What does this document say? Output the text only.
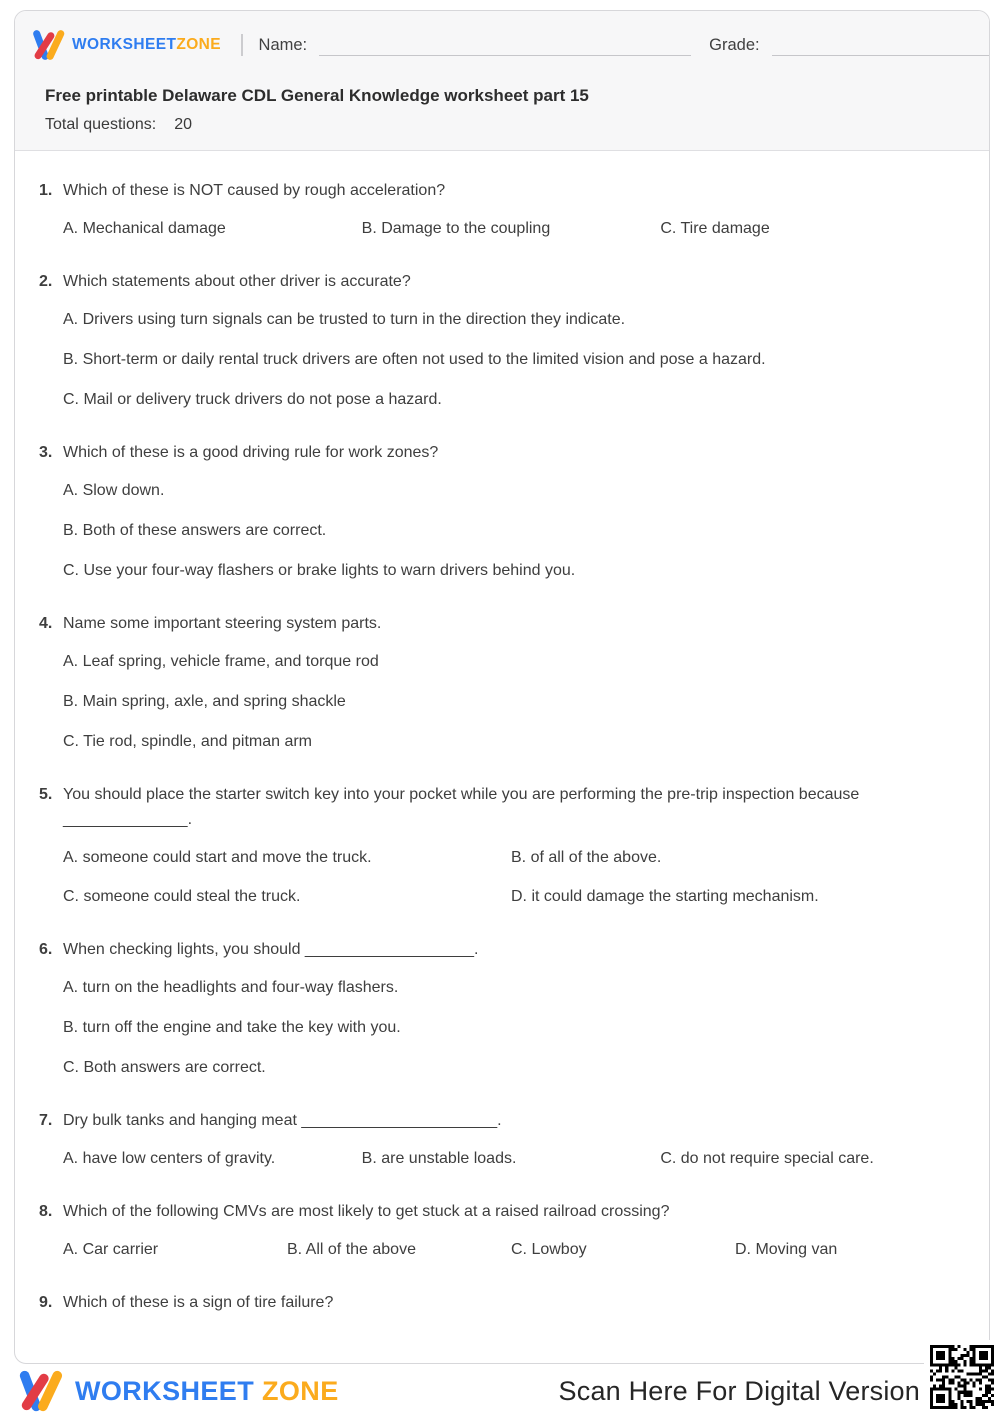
WORKSHEETZONE Name:	Grade:
Free printable Delaware CDL General Knowledge worksheet part 15
Total questions: 20
1. Which of these is NOT caused by rough acceleration?
A. Mechanical damage	B. Damage to the coupling	C. Tire damage
2. Which statements about other driver is accurate?
A. Drivers using turn signals can be trusted to turn in the direction they indicate.
B. Short-term or daily rental truck drivers are often not used to the limited vision and pose a hazard.
C. Mail or delivery truck drivers do not pose a hazard.
3. Which of these is a good driving rule for work zones?
A. Slow down.
B. Both of these answers are correct.
C. Use your four-way flashers or brake lights to warn drivers behind you.
4. Name some important steering system parts.
A. Leaf spring, vehicle frame, and torque rod
B. Main spring, axle, and spring shackle
C. Tie rod, spindle, and pitman arm
5. You should place the starter switch key into your pocket while you are performing the pre-trip inspection because ______________.
A. someone could start and move the truck.	B. of all of the above.
C. someone could steal the truck.	D. it could damage the starting mechanism.
6. When checking lights, you should ___________________.
A. turn on the headlights and four-way flashers.
B. turn off the engine and take the key with you.
C. Both answers are correct.
7. Dry bulk tanks and hanging meat ______________________.
A. have low centers of gravity.	B. are unstable loads.	C. do not require special care.
8. Which of the following CMVs are most likely to get stuck at a raised railroad crossing?
A. Car carrier	B. All of the above	C. Lowboy	D. Moving van
9. Which of these is a sign of tire failure?
WORKSHEET ZONE	Scan Here For Digital Version
